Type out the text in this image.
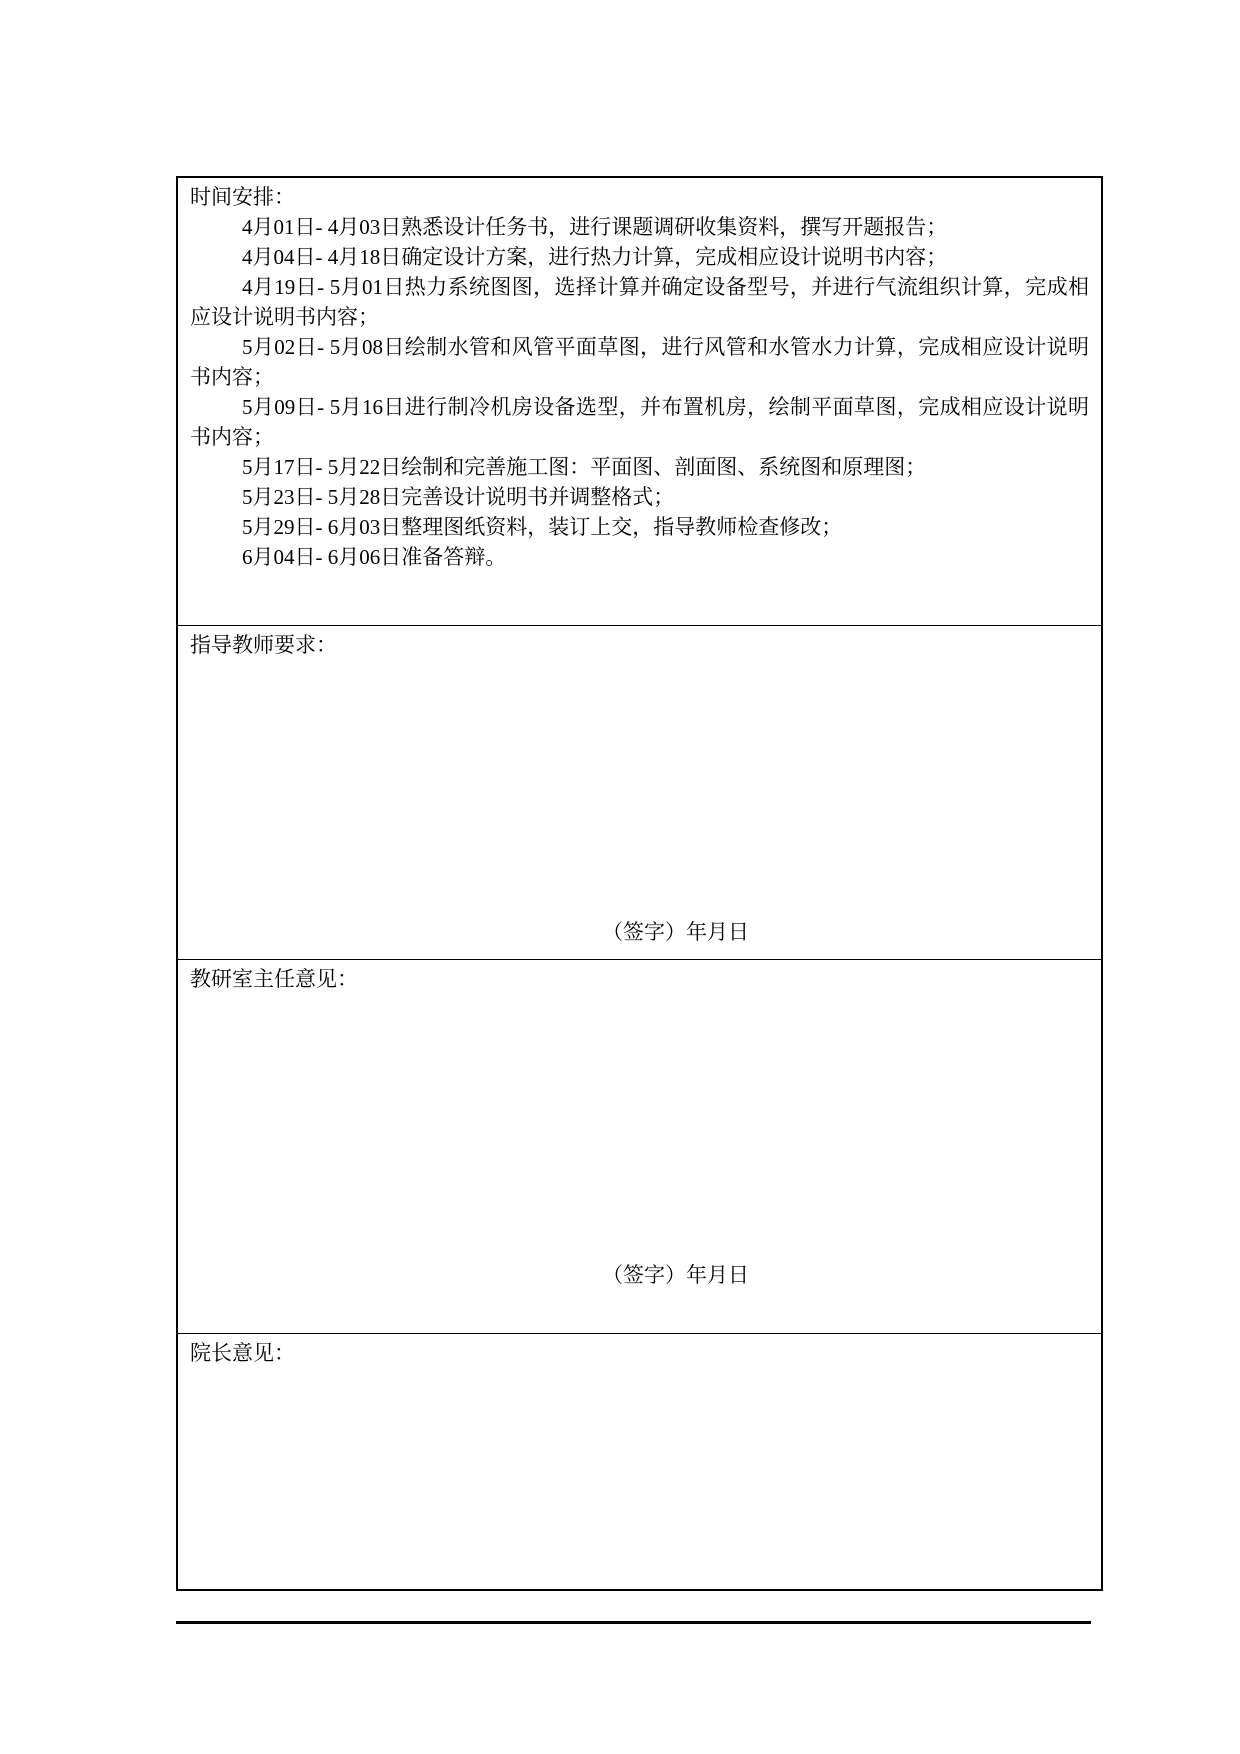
时间安排：
4月01日- 4月03日熟悉设计任务书，进行课题调研收集资料，撰写开题报告；
4月04日- 4月18日确定设计方案，进行热力计算，完成相应设计说明书内容；
4月19日- 5月01日热力系统图图，选择计算并确定设备型号，并进行气流组织计算，完成相应设计说明书内容；
5月02日- 5月08日绘制水管和风管平面草图，进行风管和水管水力计算，完成相应设计说明书内容；
5月09日- 5月16日进行制冷机房设备选型，并布置机房，绘制平面草图，完成相应设计说明书内容；
5月17日- 5月22日绘制和完善施工图：平面图、剖面图、系统图和原理图；
5月23日- 5月28日完善设计说明书并调整格式；
5月29日- 6月03日整理图纸资料，装订上交，指导教师检查修改；
6月04日- 6月06日准备答辩。
指导教师要求：
（签字）年月日
教研室主任意见：
（签字）年月日
院长意见：
